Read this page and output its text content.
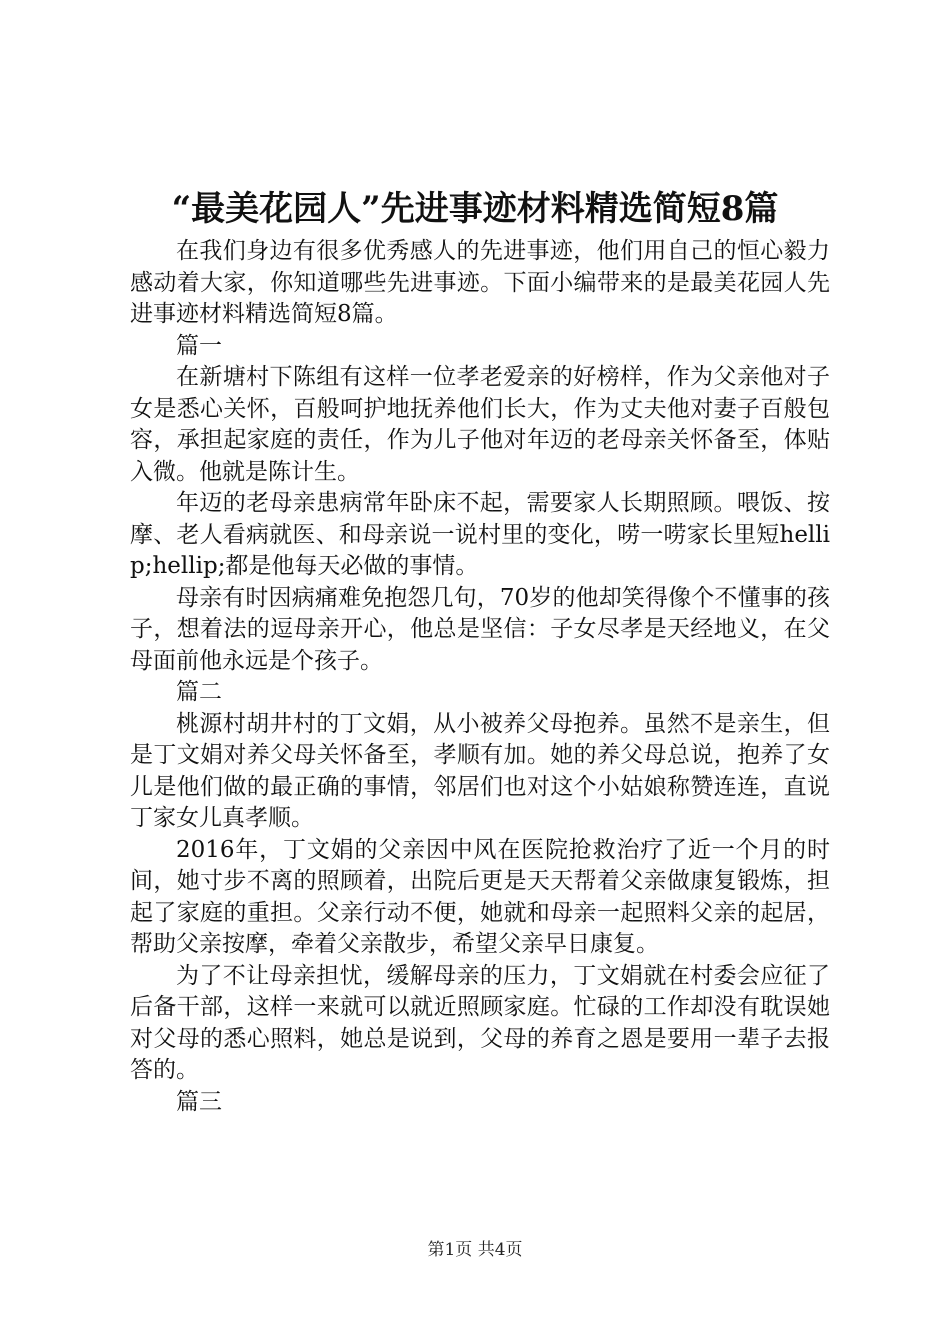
“最美花园人”先进事迹材料精选简短8篇

在我们身边有很多优秀感人的先进事迹，他们用自己的恒心毅力感动着大家，你知道哪些先进事迹。下面小编带来的是最美花园人先进事迹材料精选简短8篇。

篇一

在新塘村下陈组有这样一位孝老爱亲的好榜样，作为父亲他对子女是悉心关怀，百般呵护地抚养他们长大，作为丈夫他对妻子百般包容，承担起家庭的责任，作为儿子他对年迈的老母亲关怀备至，体贴入微。他就是陈计生。

年迈的老母亲患病常年卧床不起，需要家人长期照顾。喂饭、按摩、老人看病就医、和母亲说一说村里的变化，唠一唠家长里短hellip;hellip;都是他每天必做的事情。

母亲有时因病痛难免抱怨几句，70岁的他却笑得像个不懂事的孩子，想着法的逗母亲开心，他总是坚信：子女尽孝是天经地义，在父母面前他永远是个孩子。

篇二

桃源村胡井村的丁文娟，从小被养父母抱养。虽然不是亲生，但是丁文娟对养父母关怀备至，孝顺有加。她的养父母总说，抱养了女儿是他们做的最正确的事情，邻居们也对这个小姑娘称赞连连，直说丁家女儿真孝顺。

2016年，丁文娟的父亲因中风在医院抢救治疗了近一个月的时间，她寸步不离的照顾着，出院后更是天天帮着父亲做康复锻炼，担起了家庭的重担。父亲行动不便，她就和母亲一起照料父亲的起居，帮助父亲按摩，牵着父亲散步，希望父亲早日康复。

为了不让母亲担忧，缓解母亲的压力，丁文娟就在村委会应征了后备干部，这样一来就可以就近照顾家庭。忙碌的工作却没有耽误她对父母的悉心照料，她总是说到，父母的养育之恩是要用一辈子去报答的。

篇三

第1页 共4页
